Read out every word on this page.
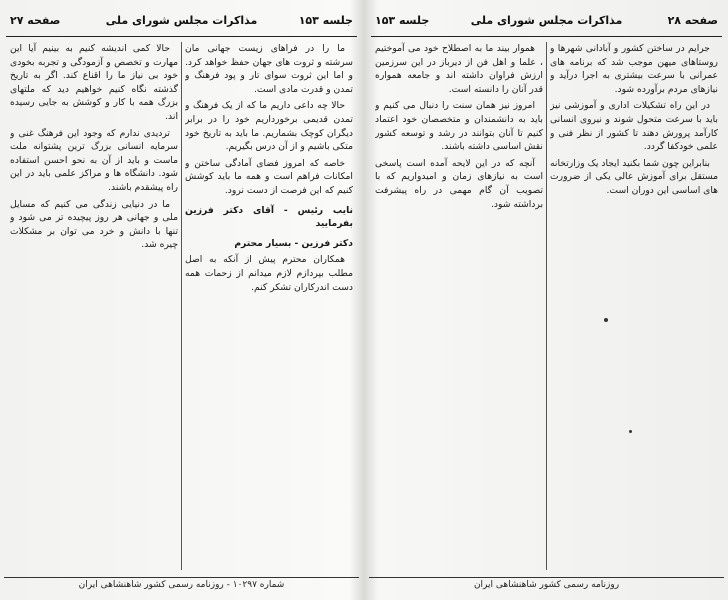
صفحه ۲۷	مذاکرات مجلس شورای ملی	جلسه ۱۵۳

ما را در فراهای زیست جهانی مان سرشته و ثروت های جهان حفظ خواهد کرد. و اما این ثروت سوای تار و پود فرهنگ و تمدن و قدرت مادی است.

حالا چه داعی داریم ما که از یک فرهنگ و تمدن قدیمی برخورداریم خود را در برابر دیگران کوچک بشماریم. ما باید به تاریخ خود متکی باشیم و از آن درس بگیریم.

خاصه که امروز فضای آمادگی ساختن و امکانات فراهم است و همه ما باید کوشش کنیم که این فرصت از دست نرود.

نایب رئیس - آقای دکتر فرزین بفرمایید

دکتر فرزین - بسیار محترم

همکاران محترم پیش از آنکه به اصل مطلب بپردازم لازم میدانم از زحمات همه دست اندرکاران تشکر کنم.

حالا کمی اندیشه کنیم به بینیم آیا این مهارت و تخصص و آزمودگی و تجربه بخودی خود بی نیاز ما را اقناع کند. اگر به تاریخ گذشته نگاه کنیم خواهیم دید که ملتهای بزرگ همه با کار و کوشش به جایی رسیده اند.

تردیدی ندارم که وجود این فرهنگ غنی و سرمایه انسانی بزرگ ترین پشتوانه ملت ماست و باید از آن به نحو احسن استفاده شود. دانشگاه ها و مراکز علمی باید در این راه پیشقدم باشند.

ما در دنیایی زندگی می کنیم که مسایل ملی و جهانی هر روز پیچیده تر می شود و تنها با دانش و خرد می توان بر مشکلات چیره شد.

شماره ۱۰۲۹۷ - روزنامه رسمی کشور شاهنشاهی ایران
صفحه ۲۸
مذاکرات مجلس شورای ملی
جلسه ۱۵۳

جرایم در ساختن کشور و آبادانی شهرها و روستاهای میهن موجب شد که برنامه های عمرانی با سرعت بیشتری به اجرا درآید و نیازهای مردم برآورده شود.

در این راه تشکیلات اداری و آموزشی نیز باید با سرعت متحول شوند و نیروی انسانی کارآمد پرورش دهند تا کشور از نظر فنی و علمی خودکفا گردد.

بنابراین چون شما بکنید ایجاد یک وزارتخانه مستقل برای آموزش عالی یکی از ضرورت های اساسی این دوران است.

هموار بیند ما به اصطلاح خود می آموختیم ، علما و اهل فن از دیرباز در این سرزمین ارزش فراوان داشته اند و جامعه همواره قدر آنان را دانسته است.

امروز نیز همان سنت را دنبال می کنیم و باید به دانشمندان و متخصصان خود اعتماد کنیم تا آنان بتوانند در رشد و توسعه کشور نقش اساسی داشته باشند.

آنچه که در این لایحه آمده است پاسخی است به نیازهای زمان و امیدواریم که با تصویب آن گام مهمی در راه پیشرفت برداشته شود.

روزنامه رسمی کشور شاهنشاهی ایران
